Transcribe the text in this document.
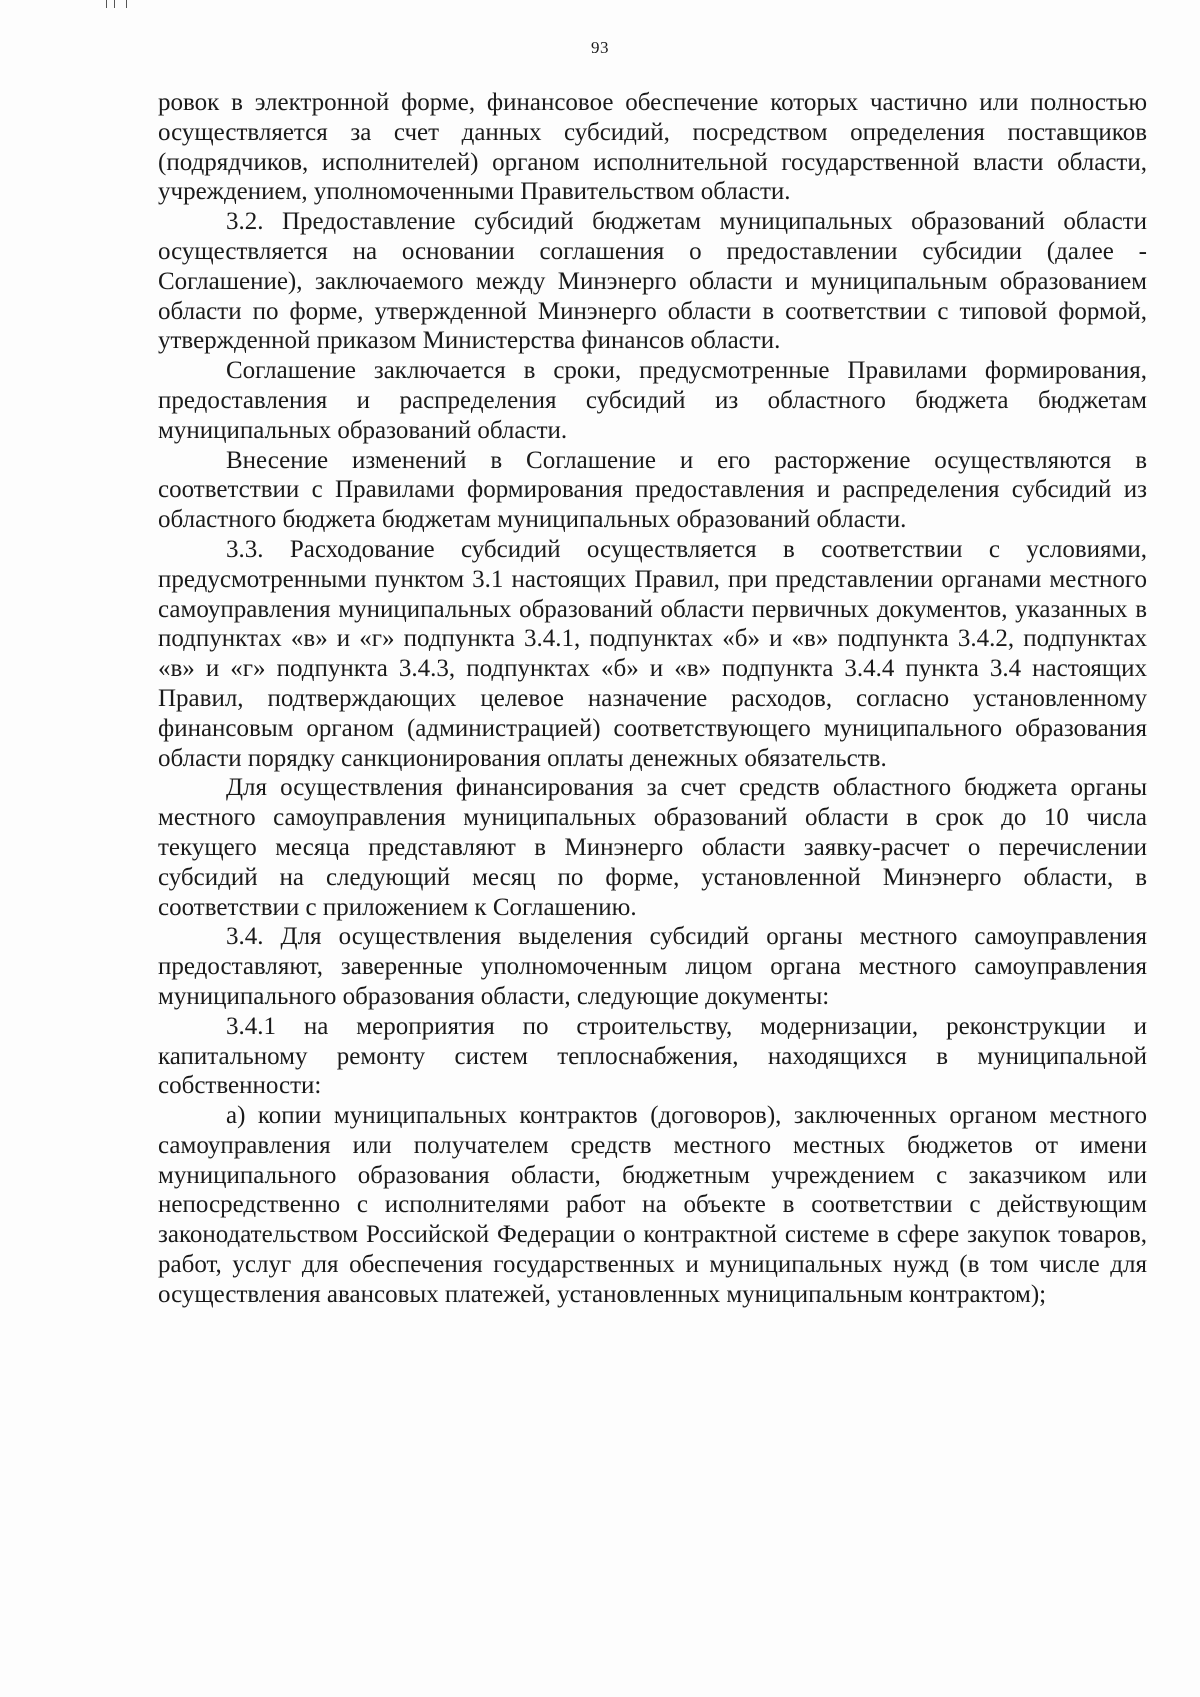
93

ровок в электронной форме, финансовое обеспечение которых частично или полностью осуществляется за счет данных субсидий, посредством определения поставщиков (подрядчиков, исполнителей) органом исполнительной государственной власти области, учреждением, уполномоченными Правительством области.

3.2. Предоставление субсидий бюджетам муниципальных образований области осуществляется на основании соглашения о предоставлении субсидии (далее - Соглашение), заключаемого между Минэнерго области и муниципальным образованием области по форме, утвержденной Минэнерго области в соответствии с типовой формой, утвержденной приказом Министерства финансов области.

Соглашение заключается в сроки, предусмотренные Правилами формирования, предоставления и распределения субсидий из областного бюджета бюджетам муниципальных образований области.

Внесение изменений в Соглашение и его расторжение осуществляются в соответствии с Правилами формирования предоставления и распределения субсидий из областного бюджета бюджетам муниципальных образований области.

3.3. Расходование субсидий осуществляется в соответствии с условиями, предусмотренными пунктом 3.1 настоящих Правил, при представлении органами местного самоуправления муниципальных образований области первичных документов, указанных в подпунктах «в» и «г» подпункта 3.4.1, подпунктах «б» и «в» подпункта 3.4.2, подпунктах «в» и «г» подпункта 3.4.3, подпунктах «б» и «в» подпункта 3.4.4 пункта 3.4 настоящих Правил, подтверждающих целевое назначение расходов, согласно установленному финансовым органом (администрацией) соответствующего муниципального образования области порядку санкционирования оплаты денежных обязательств.

Для осуществления финансирования за счет средств областного бюджета органы местного самоуправления муниципальных образований области в срок до 10 числа текущего месяца представляют в Минэнерго области заявку-расчет о перечислении субсидий на следующий месяц по форме, установленной Минэнерго области, в соответствии с приложением к Соглашению.

3.4. Для осуществления выделения субсидий органы местного самоуправления предоставляют, заверенные уполномоченным лицом органа местного самоуправления муниципального образования области, следующие документы:

3.4.1 на мероприятия по строительству, модернизации, реконструкции и капитальному ремонту систем теплоснабжения, находящихся в муниципальной собственности:

а) копии муниципальных контрактов (договоров), заключенных органом местного самоуправления или получателем средств местного местных бюджетов от имени муниципального образования области, бюджетным учреждением с заказчиком или непосредственно с исполнителями работ на объекте в соответствии с действующим законодательством Российской Федерации о контрактной системе в сфере закупок товаров, работ, услуг для обеспечения государственных и муниципальных нужд (в том числе для осуществления авансовых платежей, установленных муниципальным контрактом);
